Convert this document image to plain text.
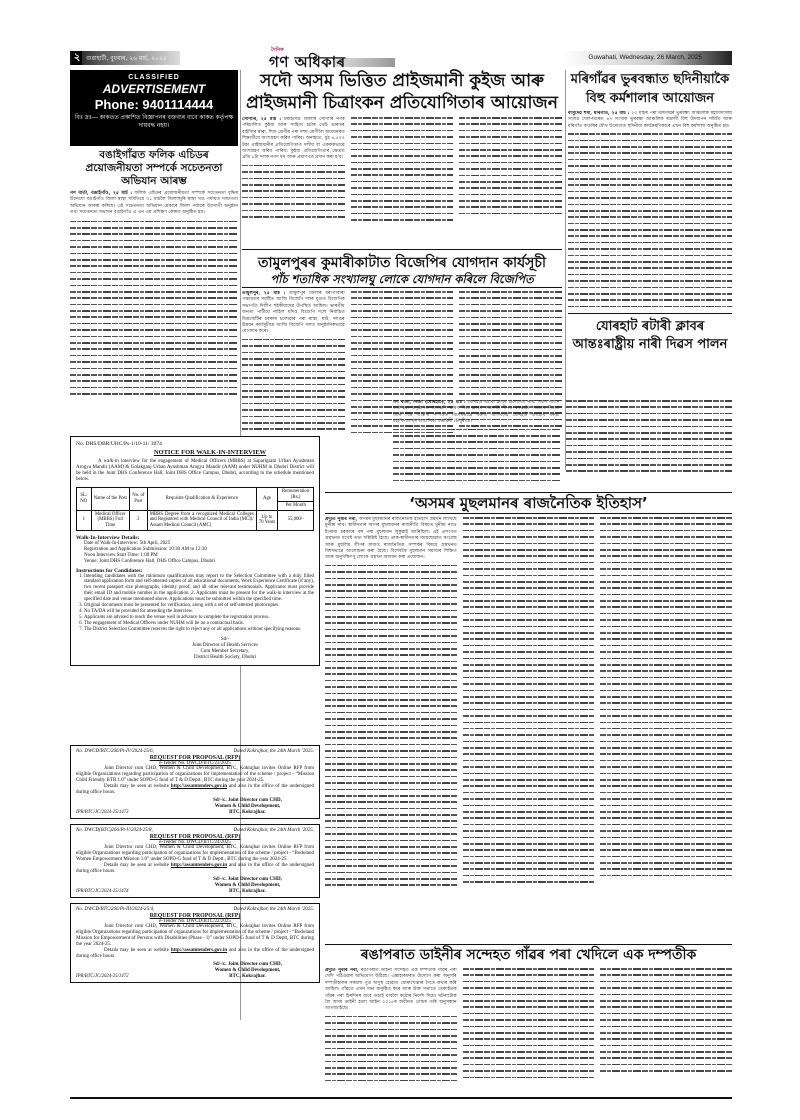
২ গুৱাহাটী, বুধবাৰ, ২৬ মাৰ্চ, ২০২৫
দৈনিক
গণ অধিকাৰ	Guwahati, Wednesday, 26 March, 2025
CLASSIFIED
ADVERTISEMENT
Phone: 9401114444
বিঃ দ্ৰঃ— কাকতত প্ৰকাশিত বিজ্ঞাপনৰ বক্তব্যৰ বাবে কাকত কৰ্তৃপক্ষ দায়বদ্ধ নহয়।
বঙাইগাঁৱত ফলিক এচিডৰ প্ৰয়োজনীয়তা সম্পৰ্কে সচেতনতা অভিযান আৰম্ভ
গণ বাৰ্তা, বঙাইগাঁও, ২৫ মাৰ্চ : ফলিক এচিডৰ প্ৰয়োজনীয়তা সম্পৰ্কে সচেতনতা বৃদ্ধিৰ উদ্দেশ্যে বঙাইগাঁও জিলা স্বাস্থ্য সমিতিয়ে ৩১ মাৰ্চলৈ জিলাজুৰি স্বাস্থ্য খণ্ড পৰ্যায়ত সজাগতা অভিযান আৰম্ভ কৰিছে। এই সচেতনতা অভিযান মেকাৰে জিলা পৰ্যায়ৰ উদ্যোগী অনুষ্ঠান তথা সচেতনতা সভাখন বঙাইগাঁও এ এন এম প্ৰশিক্ষণ কেন্দ্ৰত অনুষ্ঠিত হয়।
No. DHS/DBR/UHC/Ps-1/10-11/ 3074
NOTICE FOR WALK-IN-INTERVIEW

A walk-in interview for the engagement of Medical Officers (MBBS) at Saparigram Urban Ayushman Arogya Mandir (AAM) & Golakganj Urban Ayushman Arogya Mandir (AAM) under NUHM in Dhubri District will be held in the Joint DHS Conference Hall, Joint DHS Office Campus, Dhubri, according to the schedule mentioned below.

SL. NO	Name of the Post	No. of Post	Requisite Qualification & Experience	Age	Remuneration (Rs.)
					Per Month
1	Medical Officer (MBBS) Full Time	2	MBBS Degree from a recognized Medical Colleges and Registered with Medical Council of India (MCI)/ Assam Medical Council (AMC)	Up to 70 Years	55,000/-
Walk-In-Interview Details:

Date of Walk-In-Interview: 5th April, 2025

Registration and Application Submission: 10:30 AM to 12:30

Noon Interview Start Time: 1:00 PM

Venue: Joint DHS Conference Hall, DHS Office Campus, Dhubri

Instructions for Candidates:
1. Intending candidates with the minimum qualifications may report to the Selection Committee with a duly filled standard application form and self-attested copies of all educational documents, Work Experience Certificate (if any), two recent passport size photographs, identity proof, and all other relevant testimonials. Applicants must provide their email ID and mobile number in the application. 2. Applicants must be present for the walk-in interview at the specified date and venue mentioned above. Applications must be submitted within the specified time.
3. Original documents must be presented for verification, along with a set of self-attested photocopies.
4. No TA/DA will be provided for attending the Interview.
5. Applicants are advised to reach the venue well in advance to complete the registration process.
6. The engagement of Medical Officers under NUHM will be on a contractual basis.
7. The District Selection Committee reserves the right to reject any or all applications without specifying reasons.
Sd/-
Joint Director of Health Services
Cum Member Secretary,
District Health Society, Dhubri
No. DWCD/BTC/266/Pt-IV/2024-25/6,	Dated Kokrajhar, the 24th March '2025.
REQUEST FOR PROPOSAL (RFP)
e-Tender No. DWCD/BTC/23/2025

Joint Director cum CHD, Women & Child Development, BTC, Kokrajhar invites Online RFP from eligible Organizations regarding participation of organizations for implementation of the scheme / project - “Mission Child Friendly BTR 1.0” under SOPD-G fund of T & D Deptt., BTC during the year 2024-25.

Details may be seen at website http://assamtenders.gov.in and also in the office of the undersigned during office hours.

Sd/-/c. Joint Director cum CHD,
Women & Child Development,
BTC, Kokrajhar.
IPR/BTC/JC/2024-25/1473
No. DWCD(BTC)266/Pt-V/2024-25/8,	Dated Kokrajhar, the 24th March '2025.
REQUEST FOR PROPOSAL (RFP)
e-Tender No. DWCD/BTC/24/2025

Joint Director cum CHD, Women & Child Development, BTC, Kokrajhar invites Online RFP from eligible Organizations regarding participation of organizations for implementation of the scheme / project - “Bodoland Women Empowerment Mission 1.0” under SOPD-G fund of T & D Deptt., BTC during the year 2024-25.

Details may be seen at website http://assamtenders.gov.in and also in the office of the undersigned during office hours.

Sd/-/c. Joint Director cum CHD,
Women & Child Development,
BTC, Kokrajhar.
IPR/BTC/JC/2024-25/1474
No. DWCD/BTC/266/Pt-III/2024-25/4,	Dated Kokrajhar, the 24th March '2025.
REQUEST FOR PROPOSAL (RFP)
e-Tender No. DWCD/BTC/22/2025

Joint Director cum CHD, Women & Child Development, BTC, Kokrajhar invites Online RFP from eligible Organizations regarding participation of organizations for implementation of the scheme / project - “Bodoland Mission for Empowerment of Persons with Disabilities (Phase - I)” under SOPD-G fund of T & D Deptt, BTC during the year 2024-25.

Details may be seen at website http://assamtenders.gov.in and also in the office of the undersigned during office hours.

Sd/-/c. Joint Director cum CHD,
Women & Child Development,
BTC, Kokrajhar.
IPR/BTC/JC/2024-25/1472
সদৌ অসম ভিত্তিত প্ৰাইজমানী কুইজ আৰু প্ৰাইজমানী চিত্ৰাংকন প্ৰতিযোগিতাৰ আয়োজন
সোণাৰি, ২৫ মাৰ্চ : চৰাইদেউ জিলাৰ সোণাৰি নগৰ পৰিচালিত কুইজ আৰু সাহিত্য চৰ্চাৰ থেউ ভাৰতৰ বাইজিৰ দ্বাৰা, শিশু শ্ৰেণীৰ পৰা দশম শ্ৰেণীলৈ অধ্যয়নৰত শিক্ষাৰ্থীয়ে অংশগ্ৰহণ কৰিব পাৰিব। অনাহতে, মুঠ ৪,৫০০ টকা প্ৰাইজমানীৰ প্ৰতিযোগিতাত দলীয় বা একককভাৱে অংশগ্ৰহণ কৰিব পাৰিব। কুইজ প্ৰতিযোগিতাৰ ক্ষেত্ৰত প্ৰতি ৮টা দলক নগদ ধন আৰু প্ৰমাণপত্ৰ প্ৰদান কৰা হ'ব।
তামুলপুৰৰ কুমাৰীকাটাত বিজেপিৰ যোগদান কাৰ্যসূচী
পাঁচ শতাধিক সংখ্যালঘু লোকে যোগদান কৰিলে বিজেপিত
তামুলপুৰ, ২৫ মাৰ্চ : তামুলপুৰ জিলাৰ বৰংগাবাৰী পঞ্চায়তৰ সমষ্টিত আজি বিজেপি দলৰ যুগুত বিজেপিৰ সভাপতি দিলীপ শইকীয়াদেৱ উপস্থিত আছিল। ভাৰতীয় জনতা পাৰ্টীয়ে নাহিল যদিও বিজেপি দলে নিৰ্বাচিত মিত্ৰজোঁটৰ চৰকাৰ চলোৱাৰ পৰা ৰাস্তা, ঘাট, দলঙৰ উন্নয়ন কাৰ্যসূচীয়ে আজি বিজেপি দলত অনুষ্ঠানিকভাৱে যোগদান কৰে।
মৰিগাঁৱৰ ভুৰবন্ধাত ছদিনীয়াকৈ বিহু কৰ্মশালাৰ আয়োজন
বাসুদেৱ শৰ্মা, মৰিগাঁও, ২৫ মাৰ্চ : ২৩ মাৰ্চৰ পৰা মৰিগাঁৱৰ ভুৰবন্ধা আঞ্চলিক মহাবিদ্যালয় সংলগ্ন খেলপথাৰত ৪৭ সংখ্যক ভুৰবন্ধা আঞ্চলিক ৰঙালী বিহু উদযাপন সমিতি আৰু মৰিগাঁও বাতৰিৰ যৌথ উদ্যোগত ছদিনীয়া কাৰ্যক্ৰমণিকাৰে এখন বিহু কৰ্মশালা অনুষ্ঠিত হয়।
যোৰহাট ৰটাৰী ক্লাবৰ আন্তঃৰাষ্ট্ৰীয় নাৰী দিৱস পালন
গণ বাৰ্তা, নিজা (যোৰহাট), ২৫ মাৰ্চ : যোৰহাট ৰটাৰী ক্লাবৰ উদ্যোগত নাৰী দিৱস পালন কৰা হয়। অনুষ্ঠানত আৰম্ভণি ভাষণ দিয়ে ক্লাবৰ সভাপতি দীপক বৰুৱাই। ‘সমতাৰ নিমাত আৰু বিশ্ব শান্তি’ৰ সম্পৰ্কত বিশেষভাৱে বক্তব্য আগবঢ়াই যোৰহাট জগন্নাথ বৰুৱা মহাবিদ্যালয়ৰ অধ্যাপিকা চন্দ্ৰমিনী চৌধুৰীয়ে।
‘অসমৰ মুছলমানৰ ৰাজনৈতিক ইতিহাস’
প্ৰদ্যুত পুৰীৰ পৰা, অসমৰ মুছলমানৰ ৰাজনৈতিক ইতিহাস গ্ৰন্থখন লিখিছে মুনীন্দ্ৰ নাথ। স্বাধীনতাৰ আগৰ মুছলমানৰ ৰাজনীতি বিষয়ত মুনীন্দ্ৰ নাথে ইংৰাজ চৰকাৰে বঙ্গ পৰা মুছলমান লুকুৱাই আনিছিল। এই প্ৰসংগত গ্ৰন্থখনত যথেষ্ট তথ্য সন্নিৱিষ্ট হৈছে। প্ৰাক-স্বাধীনতাৰ সময়ছোৱাত কংগ্ৰেছ আৰু মুছলিম লীগৰ মাজত ৰাজনৈতিক সম্পৰ্কৰ বিষয়ে গ্ৰন্থখনত বিশদভাৱে আলোচনা কৰা হৈছে। বিশেষকৈ মুছলমান সমাজৰ শিক্ষিত আৰু অনুসন্ধিৎসু লোকে গ্ৰন্থখন অধ্যয়ন কৰা প্ৰয়োজন।
ৰঙাপৰাত ডাইনীৰ সন্দেহত গাঁৱৰ পৰা খেদিলে এক দম্পতীক
প্ৰদ্যুত পুৰীৰ পৰা, ৰঙাপৰাত ডাইনী সন্দেহত এক দম্পতীক গাঁৱৰ পৰা খেদি পঠিওৱাৰ অভিযোগ উঠিছে। এক্সাহাৰফৰত উদ্যোগ কৰা অনুসৰি দম্পতীহালৰ সকলো পুত্ৰ অসুস্থ হোৱাত যোৰাখোৱাৰ দৈতে কথাৰ কৰি আছিল। গাঁৱতে এখন সভা অনুষ্ঠিত কৰে আৰু উক্ত সভাতে ডেকাহঁতক গাঁৱৰ পৰা চিৰদিনৰ বাবে গুচাই যাবলৈ কঠোৰ নিৰ্দেশ দিয়ে। ঘটনাটোক লৈ অসম ডাইনী হত্যা আইন ২০১৫ৰ অধীনত গোচৰ তৰি অনুসন্ধান আগবঢ়াইছে।
